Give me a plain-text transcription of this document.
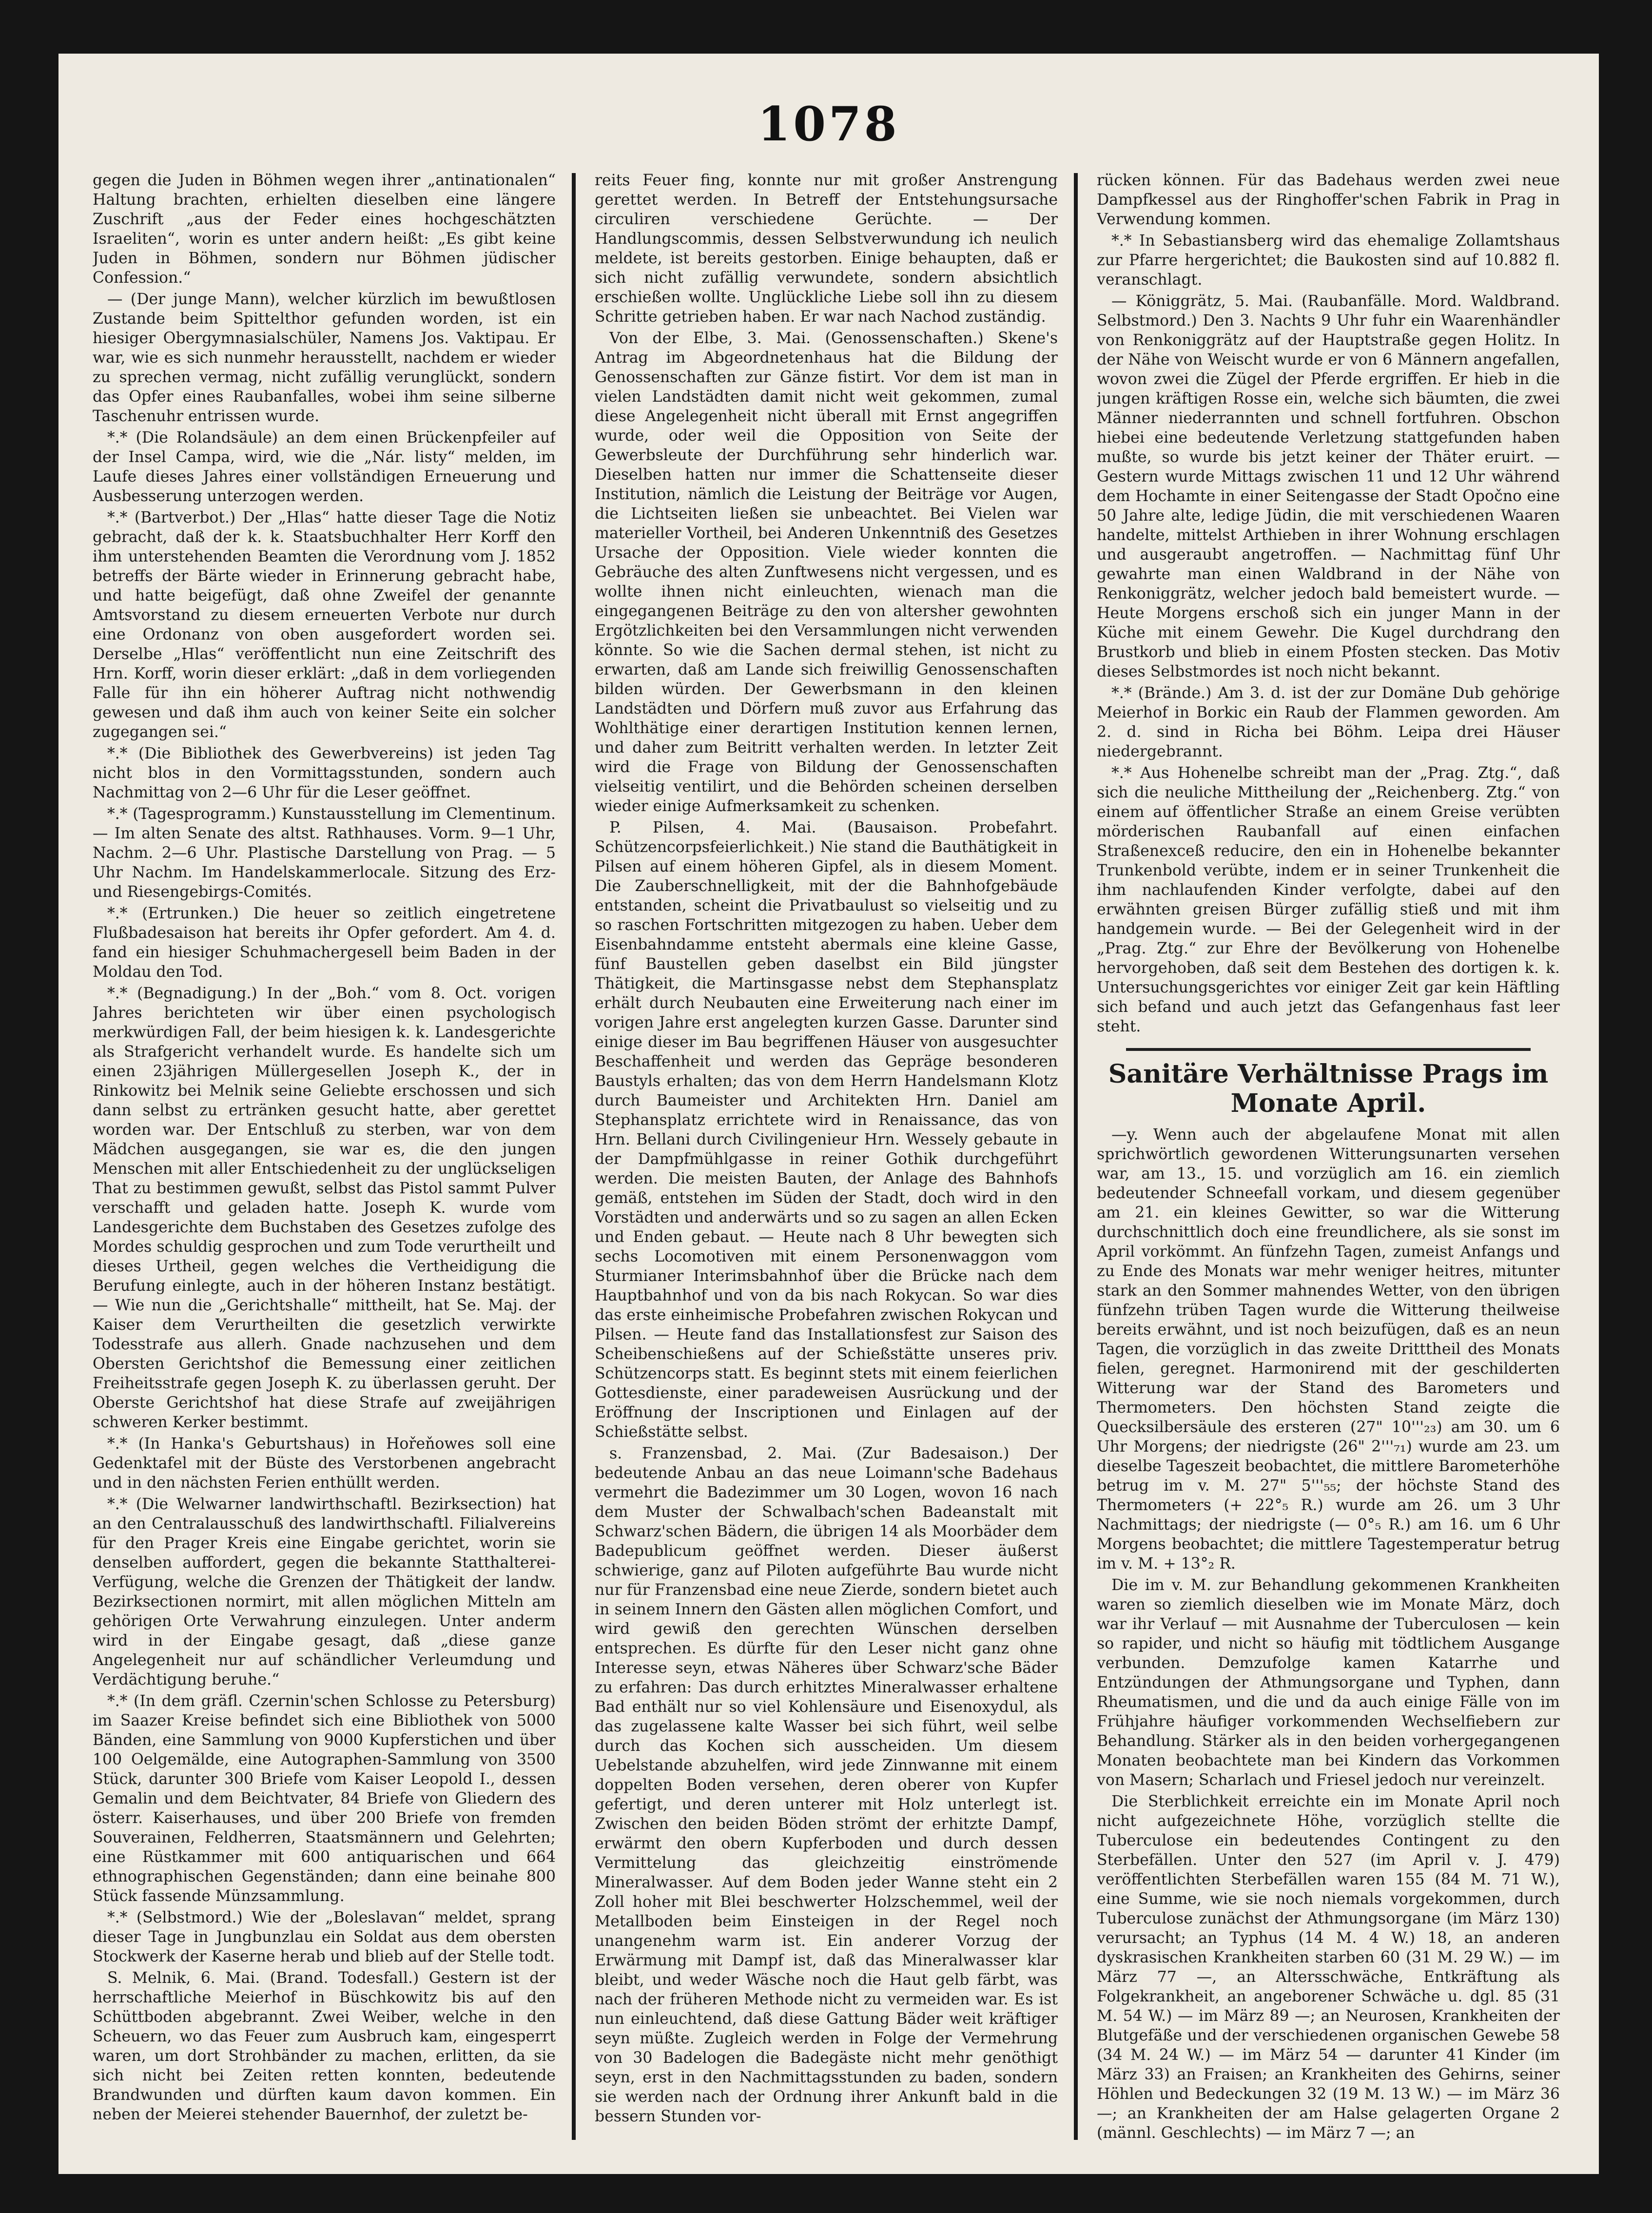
1078

gegen die Juden in Böhmen wegen ihrer „antinationalen“ Haltung brachten, erhielten dieselben eine längere Zuschrift „aus der Feder eines hochgeschätzten Israeliten“, worin es unter andern heißt: „Es gibt keine Juden in Böhmen, sondern nur Böhmen jüdischer Confession.“

— (Der junge Mann), welcher kürzlich im bewußtlosen Zustande beim Spittelthor gefunden worden, ist ein hiesiger Obergymnasialschüler, Namens Jos. Vaktipau. Er war, wie es sich nunmehr herausstellt, nachdem er wieder zu sprechen vermag, nicht zufällig verunglückt, sondern das Opfer eines Raubanfalles, wobei ihm seine silberne Taschenuhr entrissen wurde.

*.* (Die Rolandsäule) an dem einen Brückenpfeiler auf der Insel Campa, wird, wie die „Nár. listy“ melden, im Laufe dieses Jahres einer vollständigen Erneuerung und Ausbesserung unterzogen werden.

*.* (Bartverbot.) Der „Hlas“ hatte dieser Tage die Notiz gebracht, daß der k. k. Staatsbuchhalter Herr Korff den ihm unterstehenden Beamten die Verordnung vom J. 1852 betreffs der Bärte wieder in Erinnerung gebracht habe, und hatte beigefügt, daß ohne Zweifel der genannte Amtsvorstand zu diesem erneuerten Verbote nur durch eine Ordonanz von oben ausgefordert worden sei. Derselbe „Hlas“ veröffentlicht nun eine Zeitschrift des Hrn. Korff, worin dieser erklärt: „daß in dem vorliegenden Falle für ihn ein höherer Auftrag nicht nothwendig gewesen und daß ihm auch von keiner Seite ein solcher zugegangen sei.“

*.* (Die Bibliothek des Gewerbvereins) ist jeden Tag nicht blos in den Vormittagsstunden, sondern auch Nachmittag von 2—6 Uhr für die Leser geöffnet.

*.* (Tagesprogramm.) Kunstausstellung im Clementinum. — Im alten Senate des altst. Rathhauses. Vorm. 9—1 Uhr, Nachm. 2—6 Uhr. Plastische Darstellung von Prag. — 5 Uhr Nachm. Im Handelskammerlocale. Sitzung des Erz- und Riesengebirgs-Comités.

*.* (Ertrunken.) Die heuer so zeitlich eingetretene Flußbadesaison hat bereits ihr Opfer gefordert. Am 4. d. fand ein hiesiger Schuhmachergesell beim Baden in der Moldau den Tod.

*.* (Begnadigung.) In der „Boh.“ vom 8. Oct. vorigen Jahres berichteten wir über einen psychologisch merkwürdigen Fall, der beim hiesigen k. k. Landesgerichte als Strafgericht verhandelt wurde. Es handelte sich um einen 23jährigen Müllergesellen Joseph K., der in Rinkowitz bei Melnik seine Geliebte erschossen und sich dann selbst zu ertränken gesucht hatte, aber gerettet worden war. Der Entschluß zu sterben, war von dem Mädchen ausgegangen, sie war es, die den jungen Menschen mit aller Entschiedenheit zu der unglückseligen That zu bestimmen gewußt, selbst das Pistol sammt Pulver verschafft und geladen hatte. Joseph K. wurde vom Landesgerichte dem Buchstaben des Gesetzes zufolge des Mordes schuldig gesprochen und zum Tode verurtheilt und dieses Urtheil, gegen welches die Vertheidigung die Berufung einlegte, auch in der höheren Instanz bestätigt. — Wie nun die „Gerichtshalle“ mittheilt, hat Se. Maj. der Kaiser dem Verurtheilten die gesetzlich verwirkte Todesstrafe aus allerh. Gnade nachzusehen und dem Obersten Gerichtshof die Bemessung einer zeitlichen Freiheitsstrafe gegen Joseph K. zu überlassen geruht. Der Oberste Gerichtshof hat diese Strafe auf zweijährigen schweren Kerker bestimmt.

*.* (In Hanka's Geburtshaus) in Hořeňowes soll eine Gedenktafel mit der Büste des Verstorbenen angebracht und in den nächsten Ferien enthüllt werden.

*.* (Die Welwarner landwirthschaftl. Bezirksection) hat an den Centralausschuß des landwirthschaftl. Filialvereins für den Prager Kreis eine Eingabe gerichtet, worin sie denselben auffordert, gegen die bekannte Statthalterei-Verfügung, welche die Grenzen der Thätigkeit der landw. Bezirksectionen normirt, mit allen möglichen Mitteln am gehörigen Orte Verwahrung einzulegen. Unter anderm wird in der Eingabe gesagt, daß „diese ganze Angelegenheit nur auf schändlicher Verleumdung und Verdächtigung beruhe.“

*.* (In dem gräfl. Czernin'schen Schlosse zu Petersburg) im Saazer Kreise befindet sich eine Bibliothek von 5000 Bänden, eine Sammlung von 9000 Kupferstichen und über 100 Oelgemälde, eine Autographen-Sammlung von 3500 Stück, darunter 300 Briefe vom Kaiser Leopold I., dessen Gemalin und dem Beichtvater, 84 Briefe von Gliedern des österr. Kaiserhauses, und über 200 Briefe von fremden Souverainen, Feldherren, Staatsmännern und Gelehrten; eine Rüstkammer mit 600 antiquarischen und 664 ethnographischen Gegenständen; dann eine beinahe 800 Stück fassende Münzsammlung.

*.* (Selbstmord.) Wie der „Boleslavan“ meldet, sprang dieser Tage in Jungbunzlau ein Soldat aus dem obersten Stockwerk der Kaserne herab und blieb auf der Stelle todt.

S. Melnik, 6. Mai. (Brand. Todesfall.) Gestern ist der herrschaftliche Meierhof in Büschkowitz bis auf den Schüttboden abgebrannt. Zwei Weiber, welche in den Scheuern, wo das Feuer zum Ausbruch kam, eingesperrt waren, um dort Strohbänder zu machen, erlitten, da sie sich nicht bei Zeiten retten konnten, bedeutende Brandwunden und dürften kaum davon kommen. Ein neben der Meierei stehender Bauernhof, der zuletzt be-

reits Feuer fing, konnte nur mit großer Anstrengung gerettet werden. In Betreff der Entstehungsursache circuliren verschiedene Gerüchte. — Der Handlungscommis, dessen Selbstverwundung ich neulich meldete, ist bereits gestorben. Einige behaupten, daß er sich nicht zufällig verwundete, sondern absichtlich erschießen wollte. Unglückliche Liebe soll ihn zu diesem Schritte getrieben haben. Er war nach Nachod zuständig.

Von der Elbe, 3. Mai. (Genossenschaften.) Skene's Antrag im Abgeordnetenhaus hat die Bildung der Genossenschaften zur Gänze fistirt. Vor dem ist man in vielen Landstädten damit nicht weit gekommen, zumal diese Angelegenheit nicht überall mit Ernst angegriffen wurde, oder weil die Opposition von Seite der Gewerbsleute der Durchführung sehr hinderlich war. Dieselben hatten nur immer die Schattenseite dieser Institution, nämlich die Leistung der Beiträge vor Augen, die Lichtseiten ließen sie unbeachtet. Bei Vielen war materieller Vortheil, bei Anderen Unkenntniß des Gesetzes Ursache der Opposition. Viele wieder konnten die Gebräuche des alten Zunftwesens nicht vergessen, und es wollte ihnen nicht einleuchten, wienach man die eingegangenen Beiträge zu den von altersher gewohnten Ergötzlichkeiten bei den Versammlungen nicht verwenden könnte. So wie die Sachen dermal stehen, ist nicht zu erwarten, daß am Lande sich freiwillig Genossenschaften bilden würden. Der Gewerbsmann in den kleinen Landstädten und Dörfern muß zuvor aus Erfahrung das Wohlthätige einer derartigen Institution kennen lernen, und daher zum Beitritt verhalten werden. In letzter Zeit wird die Frage von Bildung der Genossenschaften vielseitig ventilirt, und die Behörden scheinen derselben wieder einige Aufmerksamkeit zu schenken.

P. Pilsen, 4. Mai. (Bausaison. Probefahrt. Schützencorpsfeierlichkeit.) Nie stand die Bauthätigkeit in Pilsen auf einem höheren Gipfel, als in diesem Moment. Die Zauberschnelligkeit, mit der die Bahnhofgebäude entstanden, scheint die Privatbaulust so vielseitig und zu so raschen Fortschritten mitgezogen zu haben. Ueber dem Eisenbahndamme entsteht abermals eine kleine Gasse, fünf Baustellen geben daselbst ein Bild jüngster Thätigkeit, die Martinsgasse nebst dem Stephansplatz erhält durch Neubauten eine Erweiterung nach einer im vorigen Jahre erst angelegten kurzen Gasse. Darunter sind einige dieser im Bau begriffenen Häuser von ausgesuchter Beschaffenheit und werden das Gepräge besonderen Baustyls erhalten; das von dem Herrn Handelsmann Klotz durch Baumeister und Architekten Hrn. Daniel am Stephansplatz errichtete wird in Renaissance, das von Hrn. Bellani durch Civilingenieur Hrn. Wessely gebaute in der Dampfmühlgasse in reiner Gothik durchgeführt werden. Die meisten Bauten, der Anlage des Bahnhofs gemäß, entstehen im Süden der Stadt, doch wird in den Vorstädten und anderwärts und so zu sagen an allen Ecken und Enden gebaut. — Heute nach 8 Uhr bewegten sich sechs Locomotiven mit einem Personenwaggon vom Sturmianer Interimsbahnhof über die Brücke nach dem Hauptbahnhof und von da bis nach Rokycan. So war dies das erste einheimische Probefahren zwischen Rokycan und Pilsen. — Heute fand das Installationsfest zur Saison des Scheibenschießens auf der Schießstätte unseres priv. Schützencorps statt. Es beginnt stets mit einem feierlichen Gottesdienste, einer paradeweisen Ausrückung und der Eröffnung der Inscriptionen und Einlagen auf der Schießstätte selbst.

s. Franzensbad, 2. Mai. (Zur Badesaison.) Der bedeutende Anbau an das neue Loimann'sche Badehaus vermehrt die Badezimmer um 30 Logen, wovon 16 nach dem Muster der Schwalbach'schen Badeanstalt mit Schwarz'schen Bädern, die übrigen 14 als Moorbäder dem Badepublicum geöffnet werden. Dieser äußerst schwierige, ganz auf Piloten aufgeführte Bau wurde nicht nur für Franzensbad eine neue Zierde, sondern bietet auch in seinem Innern den Gästen allen möglichen Comfort, und wird gewiß den gerechten Wünschen derselben entsprechen. Es dürfte für den Leser nicht ganz ohne Interesse seyn, etwas Näheres über Schwarz'sche Bäder zu erfahren: Das durch erhitztes Mineralwasser erhaltene Bad enthält nur so viel Kohlensäure und Eisenoxydul, als das zugelassene kalte Wasser bei sich führt, weil selbe durch das Kochen sich ausscheiden. Um diesem Uebelstande abzuhelfen, wird jede Zinnwanne mit einem doppelten Boden versehen, deren oberer von Kupfer gefertigt, und deren unterer mit Holz unterlegt ist. Zwischen den beiden Böden strömt der erhitzte Dampf, erwärmt den obern Kupferboden und durch dessen Vermittelung das gleichzeitig einströmende Mineralwasser. Auf dem Boden jeder Wanne steht ein 2 Zoll hoher mit Blei beschwerter Holzschemmel, weil der Metallboden beim Einsteigen in der Regel noch unangenehm warm ist. Ein anderer Vorzug der Erwärmung mit Dampf ist, daß das Mineralwasser klar bleibt, und weder Wäsche noch die Haut gelb färbt, was nach der früheren Methode nicht zu vermeiden war. Es ist nun einleuchtend, daß diese Gattung Bäder weit kräftiger seyn müßte. Zugleich werden in Folge der Vermehrung von 30 Badelogen die Badegäste nicht mehr genöthigt seyn, erst in den Nachmittagsstunden zu baden, sondern sie werden nach der Ordnung ihrer Ankunft bald in die bessern Stunden vor-

rücken können. Für das Badehaus werden zwei neue Dampfkessel aus der Ringhoffer'schen Fabrik in Prag in Verwendung kommen.

*.* In Sebastiansberg wird das ehemalige Zollamtshaus zur Pfarre hergerichtet; die Baukosten sind auf 10.882 fl. veranschlagt.

— Königgrätz, 5. Mai. (Raubanfälle. Mord. Waldbrand. Selbstmord.) Den 3. Nachts 9 Uhr fuhr ein Waarenhändler von Renkoniggrätz auf der Hauptstraße gegen Holitz. In der Nähe von Weischt wurde er von 6 Männern angefallen, wovon zwei die Zügel der Pferde ergriffen. Er hieb in die jungen kräftigen Rosse ein, welche sich bäumten, die zwei Männer niederrannten und schnell fortfuhren. Obschon hiebei eine bedeutende Verletzung stattgefunden haben mußte, so wurde bis jetzt keiner der Thäter eruirt. — Gestern wurde Mittags zwischen 11 und 12 Uhr während dem Hochamte in einer Seitengasse der Stadt Opočno eine 50 Jahre alte, ledige Jüdin, die mit verschiedenen Waaren handelte, mittelst Arthieben in ihrer Wohnung erschlagen und ausgeraubt angetroffen. — Nachmittag fünf Uhr gewahrte man einen Waldbrand in der Nähe von Renkoniggrätz, welcher jedoch bald bemeistert wurde. — Heute Morgens erschoß sich ein junger Mann in der Küche mit einem Gewehr. Die Kugel durchdrang den Brustkorb und blieb in einem Pfosten stecken. Das Motiv dieses Selbstmordes ist noch nicht bekannt.

*.* (Brände.) Am 3. d. ist der zur Domäne Dub gehörige Meierhof in Borkic ein Raub der Flammen geworden. Am 2. d. sind in Richa bei Böhm. Leipa drei Häuser niedergebrannt.

*.* Aus Hohenelbe schreibt man der „Prag. Ztg.“, daß sich die neuliche Mittheilung der „Reichenberg. Ztg.“ von einem auf öffentlicher Straße an einem Greise verübten mörderischen Raubanfall auf einen einfachen Straßenexceß reducire, den ein in Hohenelbe bekannter Trunkenbold verübte, indem er in seiner Trunkenheit die ihm nachlaufenden Kinder verfolgte, dabei auf den erwähnten greisen Bürger zufällig stieß und mit ihm handgemein wurde. — Bei der Gelegenheit wird in der „Prag. Ztg.“ zur Ehre der Bevölkerung von Hohenelbe hervorgehoben, daß seit dem Bestehen des dortigen k. k. Untersuchungsgerichtes vor einiger Zeit gar kein Häftling sich befand und auch jetzt das Gefangenhaus fast leer steht.

Sanitäre Verhältnisse Prags im Monate April.

—y. Wenn auch der abgelaufene Monat mit allen sprichwörtlich gewordenen Witterungsunarten versehen war, am 13., 15. und vorzüglich am 16. ein ziemlich bedeutender Schneefall vorkam, und diesem gegenüber am 21. ein kleines Gewitter, so war die Witterung durchschnittlich doch eine freundlichere, als sie sonst im April vorkömmt. An fünfzehn Tagen, zumeist Anfangs und zu Ende des Monats war mehr weniger heitres, mitunter stark an den Sommer mahnendes Wetter, von den übrigen fünfzehn trüben Tagen wurde die Witterung theilweise bereits erwähnt, und ist noch beizufügen, daß es an neun Tagen, die vorzüglich in das zweite Dritttheil des Monats fielen, geregnet. Harmonirend mit der geschilderten Witterung war der Stand des Barometers und Thermometers. Den höchsten Stand zeigte die Quecksilbersäule des ersteren (27" 10'''₂₃) am 30. um 6 Uhr Morgens; der niedrigste (26" 2'''₇₁) wurde am 23. um dieselbe Tageszeit beobachtet, die mittlere Barometerhöhe betrug im v. M. 27" 5'''₅₅; der höchste Stand des Thermometers (+ 22°₅ R.) wurde am 26. um 3 Uhr Nachmittags; der niedrigste (— 0°₅ R.) am 16. um 6 Uhr Morgens beobachtet; die mittlere Tagestemperatur betrug im v. M. + 13°₂ R.

Die im v. M. zur Behandlung gekommenen Krankheiten waren so ziemlich dieselben wie im Monate März, doch war ihr Verlauf — mit Ausnahme der Tuberculosen — kein so rapider, und nicht so häufig mit tödtlichem Ausgange verbunden. Demzufolge kamen Katarrhe und Entzündungen der Athmungsorgane und Typhen, dann Rheumatismen, und die und da auch einige Fälle von im Frühjahre häufiger vorkommenden Wechselfiebern zur Behandlung. Stärker als in den beiden vorhergegangenen Monaten beobachtete man bei Kindern das Vorkommen von Masern; Scharlach und Friesel jedoch nur vereinzelt.

Die Sterblichkeit erreichte ein im Monate April noch nicht aufgezeichnete Höhe, vorzüglich stellte die Tuberculose ein bedeutendes Contingent zu den Sterbefällen. Unter den 527 (im April v. J. 479) veröffentlichten Sterbefällen waren 155 (84 M. 71 W.), eine Summe, wie sie noch niemals vorgekommen, durch Tuberculose zunächst der Athmungsorgane (im März 130) verursacht; an Typhus (14 M. 4 W.) 18, an anderen dyskrasischen Krankheiten starben 60 (31 M. 29 W.) — im März 77 —, an Altersschwäche, Entkräftung als Folgekrankheit, an angeborener Schwäche u. dgl. 85 (31 M. 54 W.) — im März 89 —; an Neurosen, Krankheiten der Blutgefäße und der verschiedenen organischen Gewebe 58 (34 M. 24 W.) — im März 54 — darunter 41 Kinder (im März 33) an Fraisen; an Krankheiten des Gehirns, seiner Höhlen und Bedeckungen 32 (19 M. 13 W.) — im März 36 —; an Krankheiten der am Halse gelagerten Organe 2 (männl. Geschlechts) — im März 7 —; an
